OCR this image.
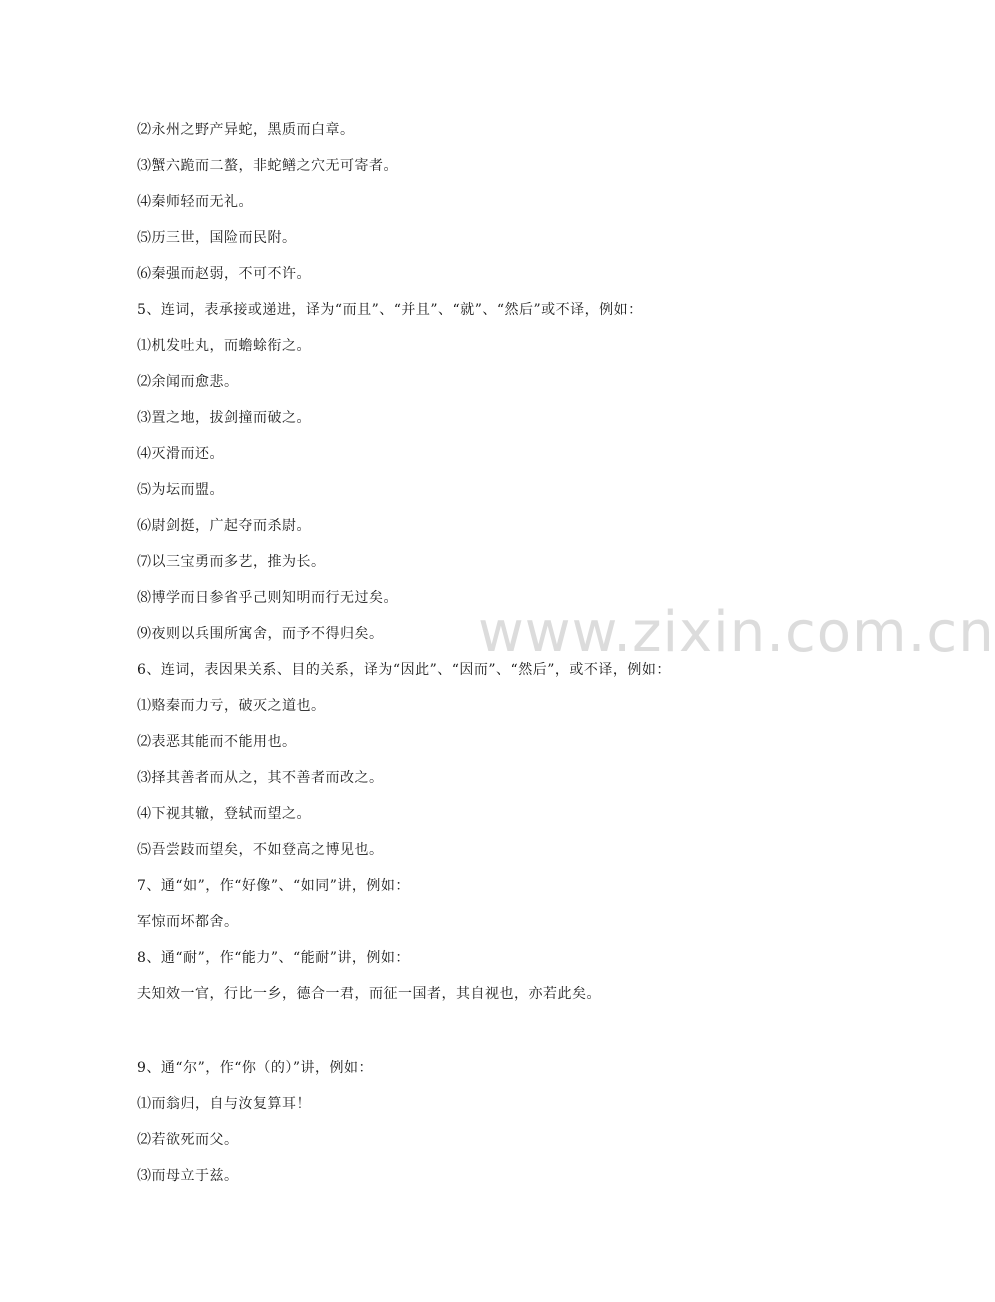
www.zixin.com.cn
⑵永州之野产异蛇，黑质而白章。
⑶蟹六跪而二螯，非蛇鳝之穴无可寄者。
⑷秦师轻而无礼。
⑸历三世，国险而民附。
⑹秦强而赵弱，不可不许。
5、连词，表承接或递进，译为“而且”、“并且”、“就”、“然后”或不译，例如：
⑴机发吐丸，而蟾蜍衔之。
⑵余闻而愈悲。
⑶置之地，拔剑撞而破之。
⑷灭滑而还。
⑸为坛而盟。
⑹尉剑挺，广起夺而杀尉。
⑺以三宝勇而多艺，推为长。
⑻博学而日参省乎己则知明而行无过矣。
⑼夜则以兵围所寓舍，而予不得归矣。
6、连词，表因果关系、目的关系，译为“因此”、“因而”、“然后”，或不译，例如：
⑴赂秦而力亏，破灭之道也。
⑵表恶其能而不能用也。
⑶择其善者而从之，其不善者而改之。
⑷下视其辙，登轼而望之。
⑸吾尝跂而望矣，不如登高之博见也。
7、通“如”，作“好像”、“如同”讲，例如：
军惊而坏都舍。
8、通“耐”，作“能力”、“能耐”讲，例如：
夫知效一官，行比一乡，德合一君，而征一国者，其自视也，亦若此矣。
9、通“尔”，作“你（的）”讲，例如：
⑴而翁归，自与汝复算耳！
⑵若欲死而父。
⑶而母立于兹。
